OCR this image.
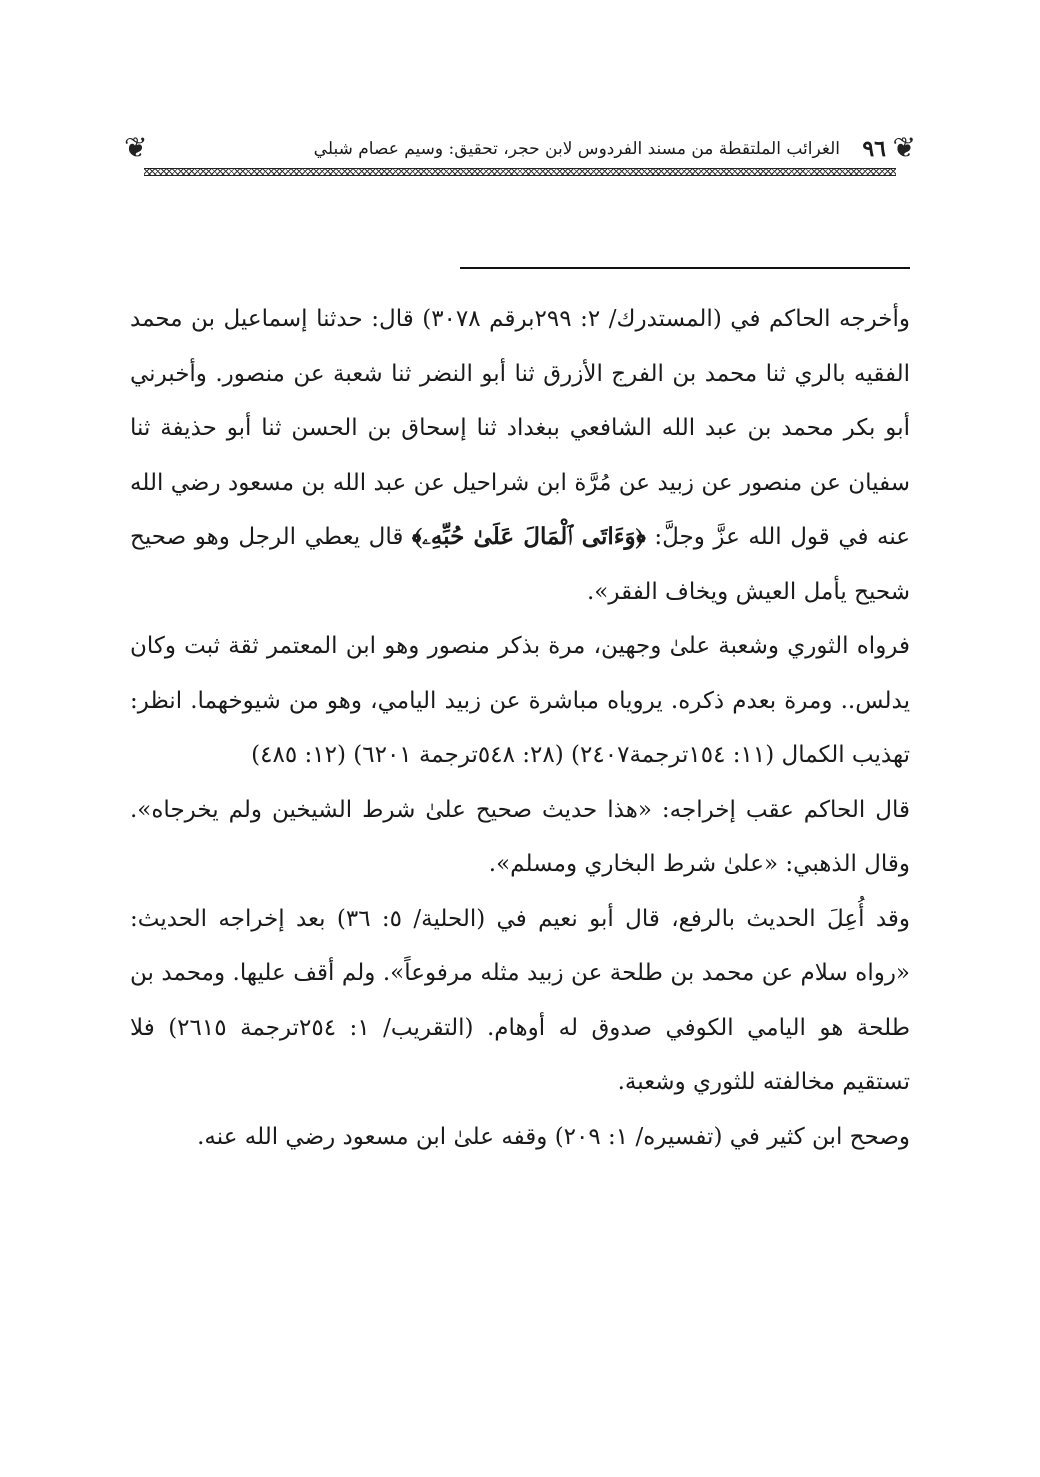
❦
٩٦
الغرائب الملتقطة من مسند الفردوس لابن حجر، تحقيق: وسيم عصام شبلي
❦

وأخرجه الحاكم في (المستدرك/ ٢: ٢٩٩برقم ٣٠٧٨) قال: حدثنا إسماعيل بن محمد الفقيه بالري ثنا محمد بن الفرج الأزرق ثنا أبو النضر ثنا شعبة عن منصور. وأخبرني أبو بكر محمد بن عبد الله الشافعي ببغداد ثنا إسحاق بن الحسن ثنا أبو حذيفة ثنا سفيان عن منصور عن زبيد عن مُرَّة ابن شراحيل عن عبد الله بن مسعود رضي الله عنه في قول الله عزَّ وجلَّ: ﴿وَءَاتَى ٱلْمَالَ عَلَىٰ حُبِّهِۦ﴾ قال يعطي الرجل وهو صحيح شحيح يأمل العيش ويخاف الفقر».

فرواه الثوري وشعبة علىٰ وجهين، مرة بذكر منصور وهو ابن المعتمر ثقة ثبت وكان يدلس.. ومرة بعدم ذكره. يروياه مباشرة عن زبيد اليامي، وهو من شيوخهما. انظر: تهذيب الكمال (١١: ١٥٤ترجمة٢٤٠٧) (٢٨: ٥٤٨ترجمة ٦٢٠١) (١٢: ٤٨٥)

قال الحاكم عقب إخراجه: «هذا حديث صحيح علىٰ شرط الشيخين ولم يخرجاه». وقال الذهبي: «علىٰ شرط البخاري ومسلم».

وقد أُعِلَ الحديث بالرفع، قال أبو نعيم في (الحلية/ ٥: ٣٦) بعد إخراجه الحديث: «رواه سلام عن محمد بن طلحة عن زبيد مثله مرفوعاً». ولم أقف عليها. ومحمد بن طلحة هو اليامي الكوفي صدوق له أوهام. (التقريب/ ١: ٢٥٤ترجمة ٢٦١٥) فلا تستقيم مخالفته للثوري وشعبة.

وصحح ابن كثير في (تفسيره/ ١: ٢٠٩) وقفه علىٰ ابن مسعود رضي الله عنه.
